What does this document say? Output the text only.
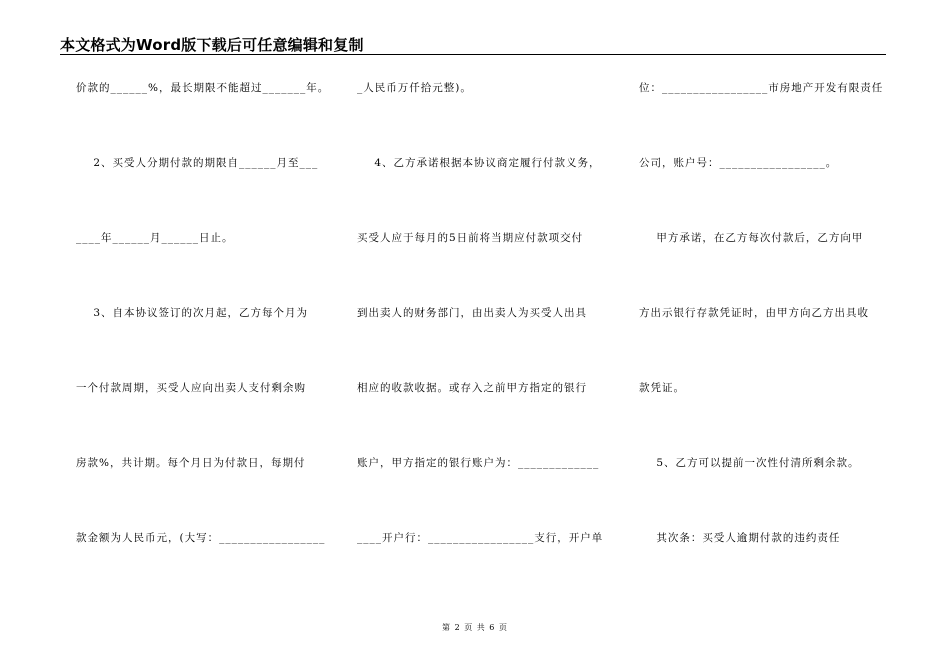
本文格式为Word版下载后可任意编辑和复制
价款的______%，最长期限不能超过_______年。
2、买受人分期付款的期限自______月至___
____年______月______日止。
3、自本协议签订的次月起，乙方每个月为
一个付款周期，买受人应向出卖人支付剩余购
房款%，共计期。每个月日为付款日，每期付
款金额为人民币元，(大写：_________________
_人民币万仟拾元整)。
4、乙方承诺根据本协议商定履行付款义务，
买受人应于每月的5日前将当期应付款项交付
到出卖人的财务部门，由出卖人为买受人出具
相应的收款收据。或存入之前甲方指定的银行
账户，甲方指定的银行账户为：_____________
____开户行：_________________支行，开户单
位：_________________市房地产开发有限责任
公司，账户号：_________________。
甲方承诺，在乙方每次付款后，乙方向甲
方出示银行存款凭证时，由甲方向乙方出具收
款凭证。
5、乙方可以提前一次性付清所剩余款。
其次条：买受人逾期付款的违约责任
第 2 页 共 6 页
